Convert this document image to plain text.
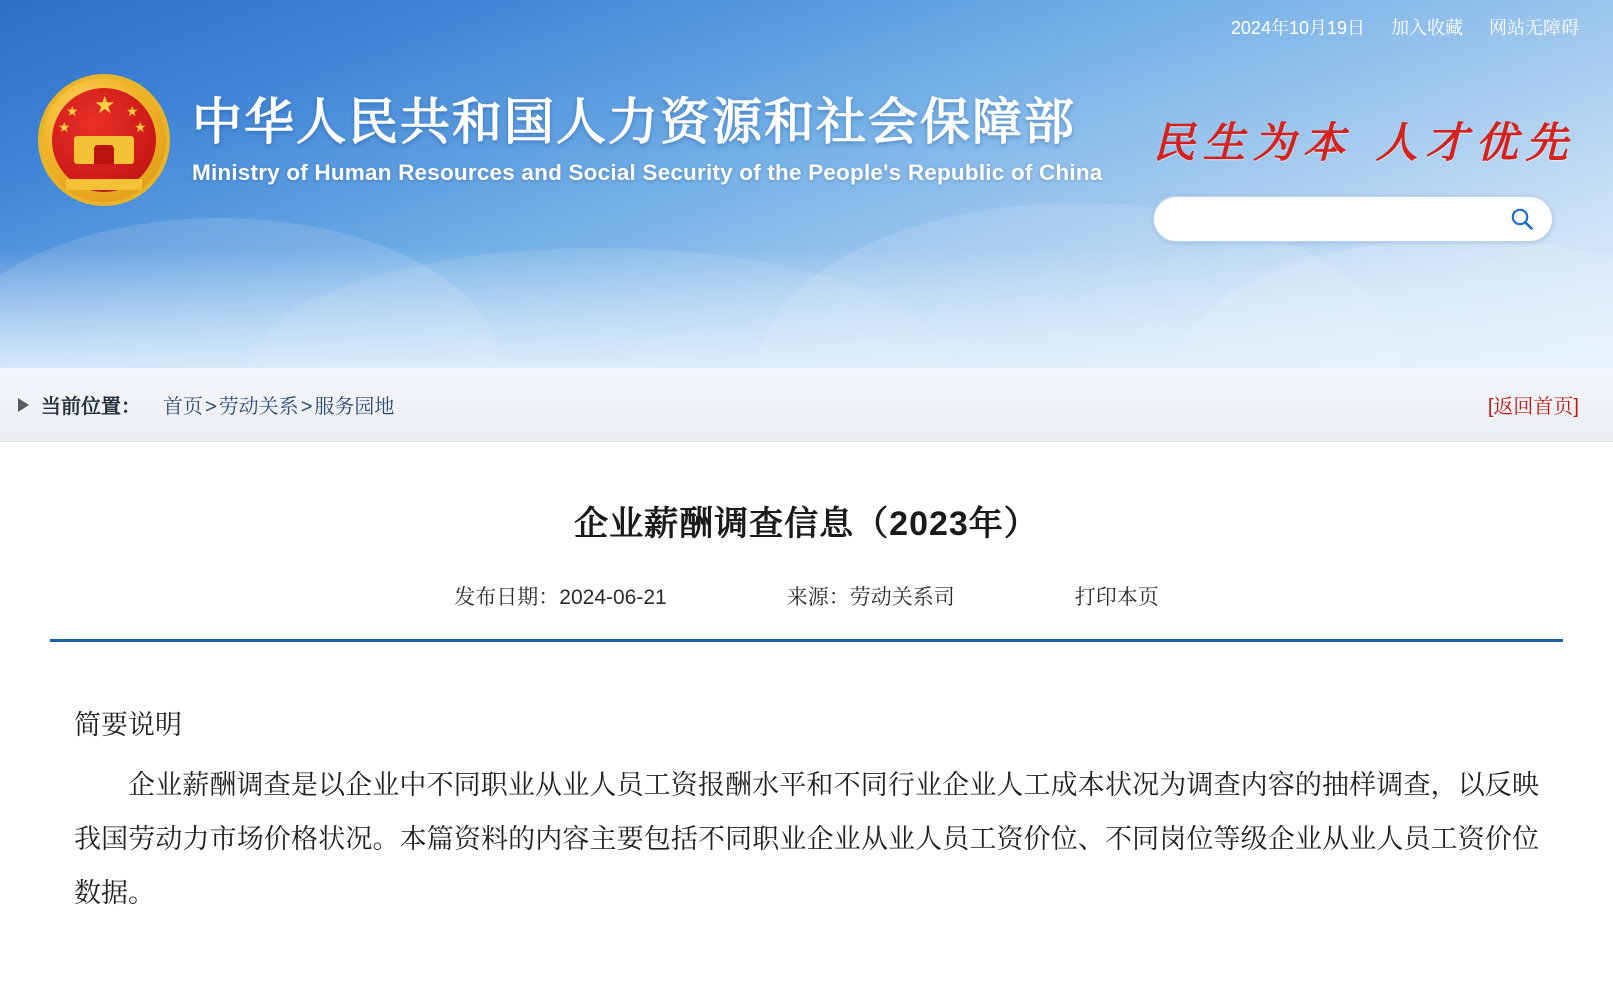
2024年10月19日 加入收藏 网站无障碍
★
★
★
★
★ 中华人民共和国人力资源和社会保障部
Ministry of Human Resources and Social Security of the People's Republic of China
民生为本 人才优先
当前位置： 首页 > 劳动关系 > 服务园地	[返回首页]
企业薪酬调查信息（2023年）
发布日期：2024-06-21	来源：劳动关系司	打印本页

简要说明

企业薪酬调查是以企业中不同职业从业人员工资报酬水平和不同行业企业人工成本状况为调查内容的抽样调查，以反映我国劳动力市场价格状况。本篇资料的内容主要包括不同职业企业从业人员工资价位、不同岗位等级企业从业人员工资价位数据。
